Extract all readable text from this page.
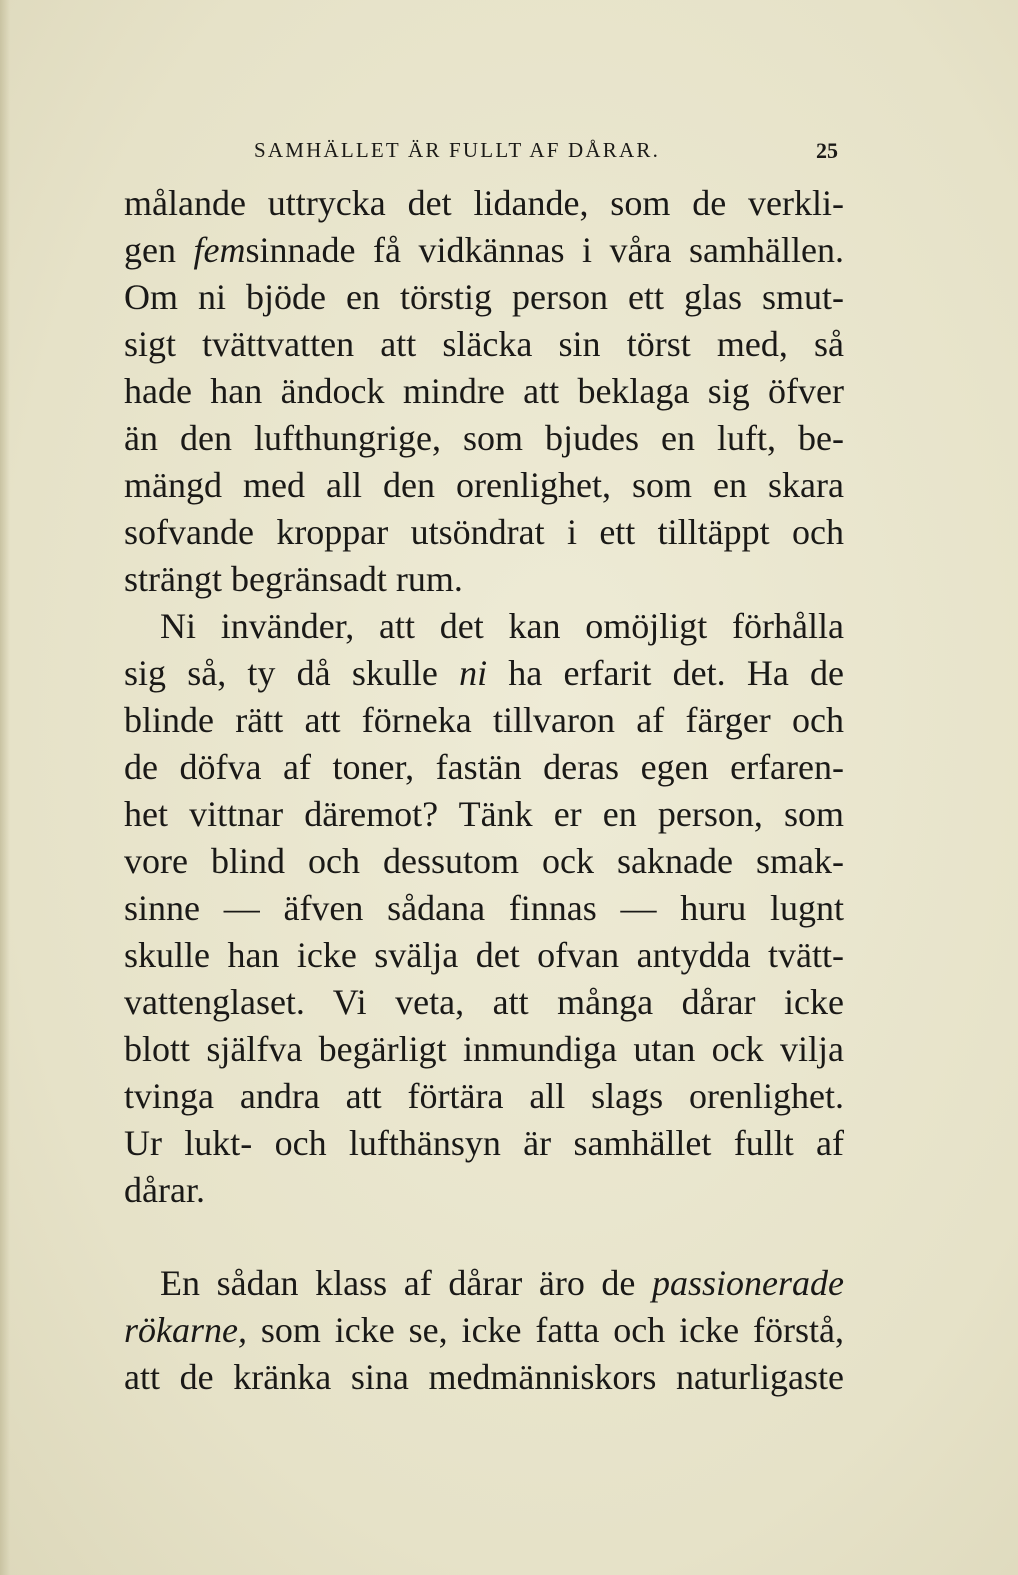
SAMHÄLLET ÄR FULLT AF DÅRAR.	25
målande uttrycka det lidande, som de verkli-
gen femsinnade få vidkännas i våra samhällen.
Om ni bjöde en törstig person ett glas smut-
sigt tvättvatten att släcka sin törst med, så
hade han ändock mindre att beklaga sig öfver
än den lufthungrige, som bjudes en luft, be-
mängd med all den orenlighet, som en skara
sofvande kroppar utsöndrat i ett tilltäppt och
strängt begränsadt rum.
Ni invänder, att det kan omöjligt förhålla
sig så, ty då skulle ni ha erfarit det. Ha de
blinde rätt att förneka tillvaron af färger och
de döfva af toner, fastän deras egen erfaren-
het vittnar däremot? Tänk er en person, som
vore blind och dessutom ock saknade smak-
sinne — äfven sådana finnas — huru lugnt
skulle han icke svälja det ofvan antydda tvätt-
vattenglaset. Vi veta, att många dårar icke
blott själfva begärligt inmundiga utan ock vilja
tvinga andra att förtära all slags orenlighet.
Ur lukt- och lufthänsyn är samhället fullt af
dårar.
En sådan klass af dårar äro de passionerade
rökarne, som icke se, icke fatta och icke förstå,
att de kränka sina medmänniskors naturligaste
